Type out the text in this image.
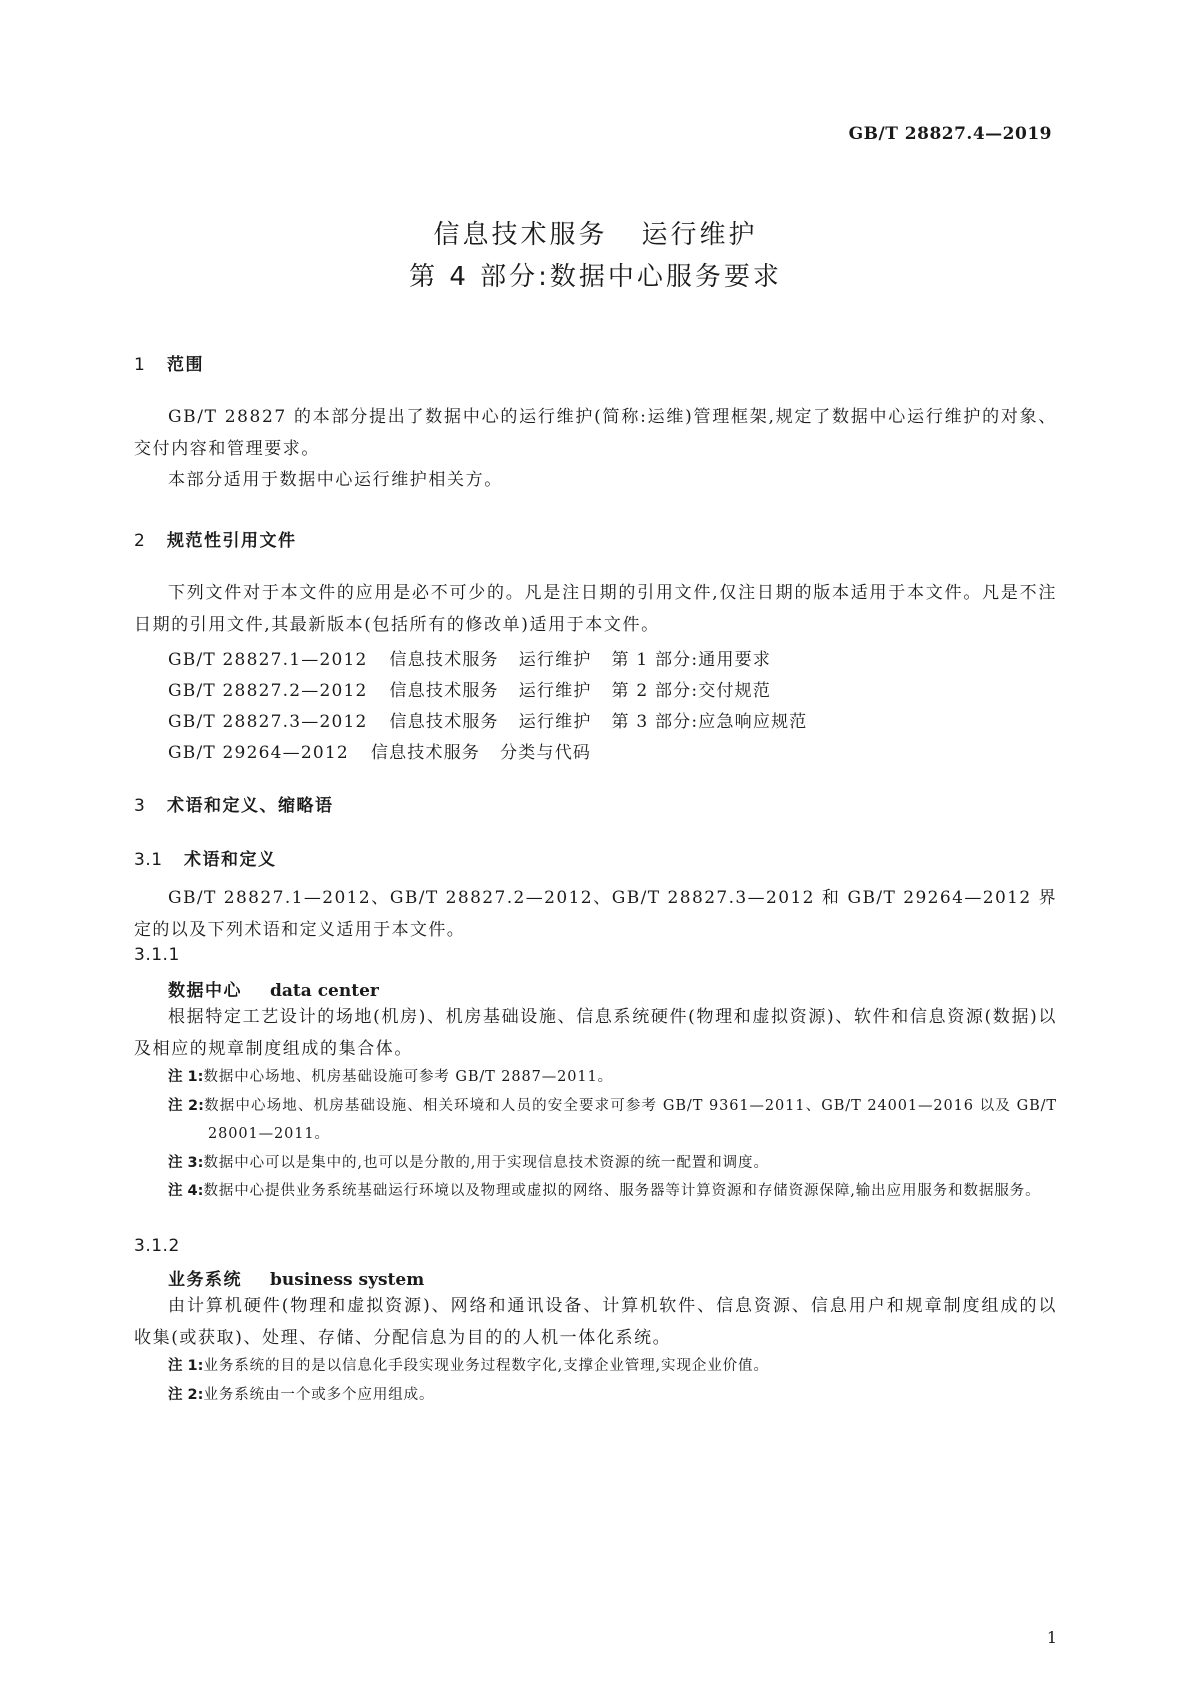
GB/T 28827.4—2019
信息技术服务 运行维护
第 4 部分:数据中心服务要求
1 范围
GB/T 28827 的本部分提出了数据中心的运行维护(简称:运维)管理框架,规定了数据中心运行维护的对象、交付内容和管理要求。
本部分适用于数据中心运行维护相关方。
2 规范性引用文件
下列文件对于本文件的应用是必不可少的。凡是注日期的引用文件,仅注日期的版本适用于本文件。凡是不注日期的引用文件,其最新版本(包括所有的修改单)适用于本文件。
GB/T 28827.1—2012 信息技术服务 运行维护 第 1 部分:通用要求
GB/T 28827.2—2012 信息技术服务 运行维护 第 2 部分:交付规范
GB/T 28827.3—2012 信息技术服务 运行维护 第 3 部分:应急响应规范
GB/T 29264—2012 信息技术服务 分类与代码
3 术语和定义、缩略语
3.1 术语和定义
GB/T 28827.1—2012、GB/T 28827.2—2012、GB/T 28827.3—2012 和 GB/T 29264—2012 界定的以及下列术语和定义适用于本文件。
3.1.1
数据中心 data center
根据特定工艺设计的场地(机房)、机房基础设施、信息系统硬件(物理和虚拟资源)、软件和信息资源(数据)以及相应的规章制度组成的集合体。
注 1:数据中心场地、机房基础设施可参考 GB/T 2887—2011。
注 2:数据中心场地、机房基础设施、相关环境和人员的安全要求可参考 GB/T 9361—2011、GB/T 24001—2016 以及 GB/T 28001—2011。
注 3:数据中心可以是集中的,也可以是分散的,用于实现信息技术资源的统一配置和调度。
注 4:数据中心提供业务系统基础运行环境以及物理或虚拟的网络、服务器等计算资源和存储资源保障,输出应用服务和数据服务。
3.1.2
业务系统 business system
由计算机硬件(物理和虚拟资源)、网络和通讯设备、计算机软件、信息资源、信息用户和规章制度组成的以收集(或获取)、处理、存储、分配信息为目的的人机一体化系统。
注 1:业务系统的目的是以信息化手段实现业务过程数字化,支撑企业管理,实现企业价值。
注 2:业务系统由一个或多个应用组成。
1
